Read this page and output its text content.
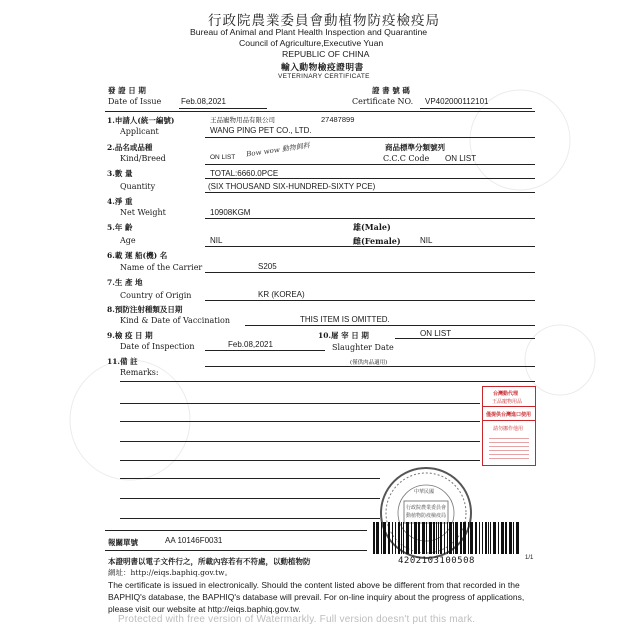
行政院農業委員會動植物防疫檢疫局
Bureau of Animal and Plant Health Inspection and Quarantine
Council of Agriculture,Executive Yuan
REPUBLIC OF CHINA
輸入動物檢疫證明書
VETERINARY CERTIFICATE
發 證 日 期
Date of Issue Feb.08,2021
證 書 號 碼
Certificate NO. VP402000112101
1.申請人(統一編號)
Applicant
王品寵物用品有限公司	27487899
WANG PING PET CO., LTD.
2.品名或品種
Kind/Breed	ON LIST Bow wow 動物飼料	商品標準分類號列
C.C.C Code ON LIST
3.數 量
Quantity
TOTAL:6660.0PCE
(SIX THOUSAND SIX-HUNDRED-SIXTY PCE)
4.淨 重
Net Weight	10908KGM
5.年 齡
Age	NIL
雄(Male)
雌(Female) NIL
6.載 運 船(機) 名
Name of the Carrier	S205
7.生 產 地
Country of Origin	KR (KOREA)
8.預防注射種類及日期
Kind & Date of Vaccination	THIS ITEM IS OMITTED.
9.檢 疫 日 期
Date of Inspection	Feb.08,2021
10.屠 宰 日 期
Slaughter Date
ON LIST
11.備 註
Remarks:
(僅供肉品適用)
台灣動代理
王品寵物用品
僅提供台灣進口使用
請勿挪作他用
中華民國
行政院農業委員會
動植物防疫檢疫局
4202103100508	1/1
報關單號	AA 10146F0031
本證明書以電子文件行之，所載內容若有不符處，以動植物防
網址：http://eiqs.baphiq.gov.tw。
The certificate is issued in electronically. Should the content listed above be different from that recorded in the BAPHIQ's database, the BAPHIQ's database will prevail. For on-line inquiry about the progress of applications, please visit our website at http://eiqs.baphiq.gov.tw.
Protected with free version of Watermarkly. Full version doesn't put this mark.
